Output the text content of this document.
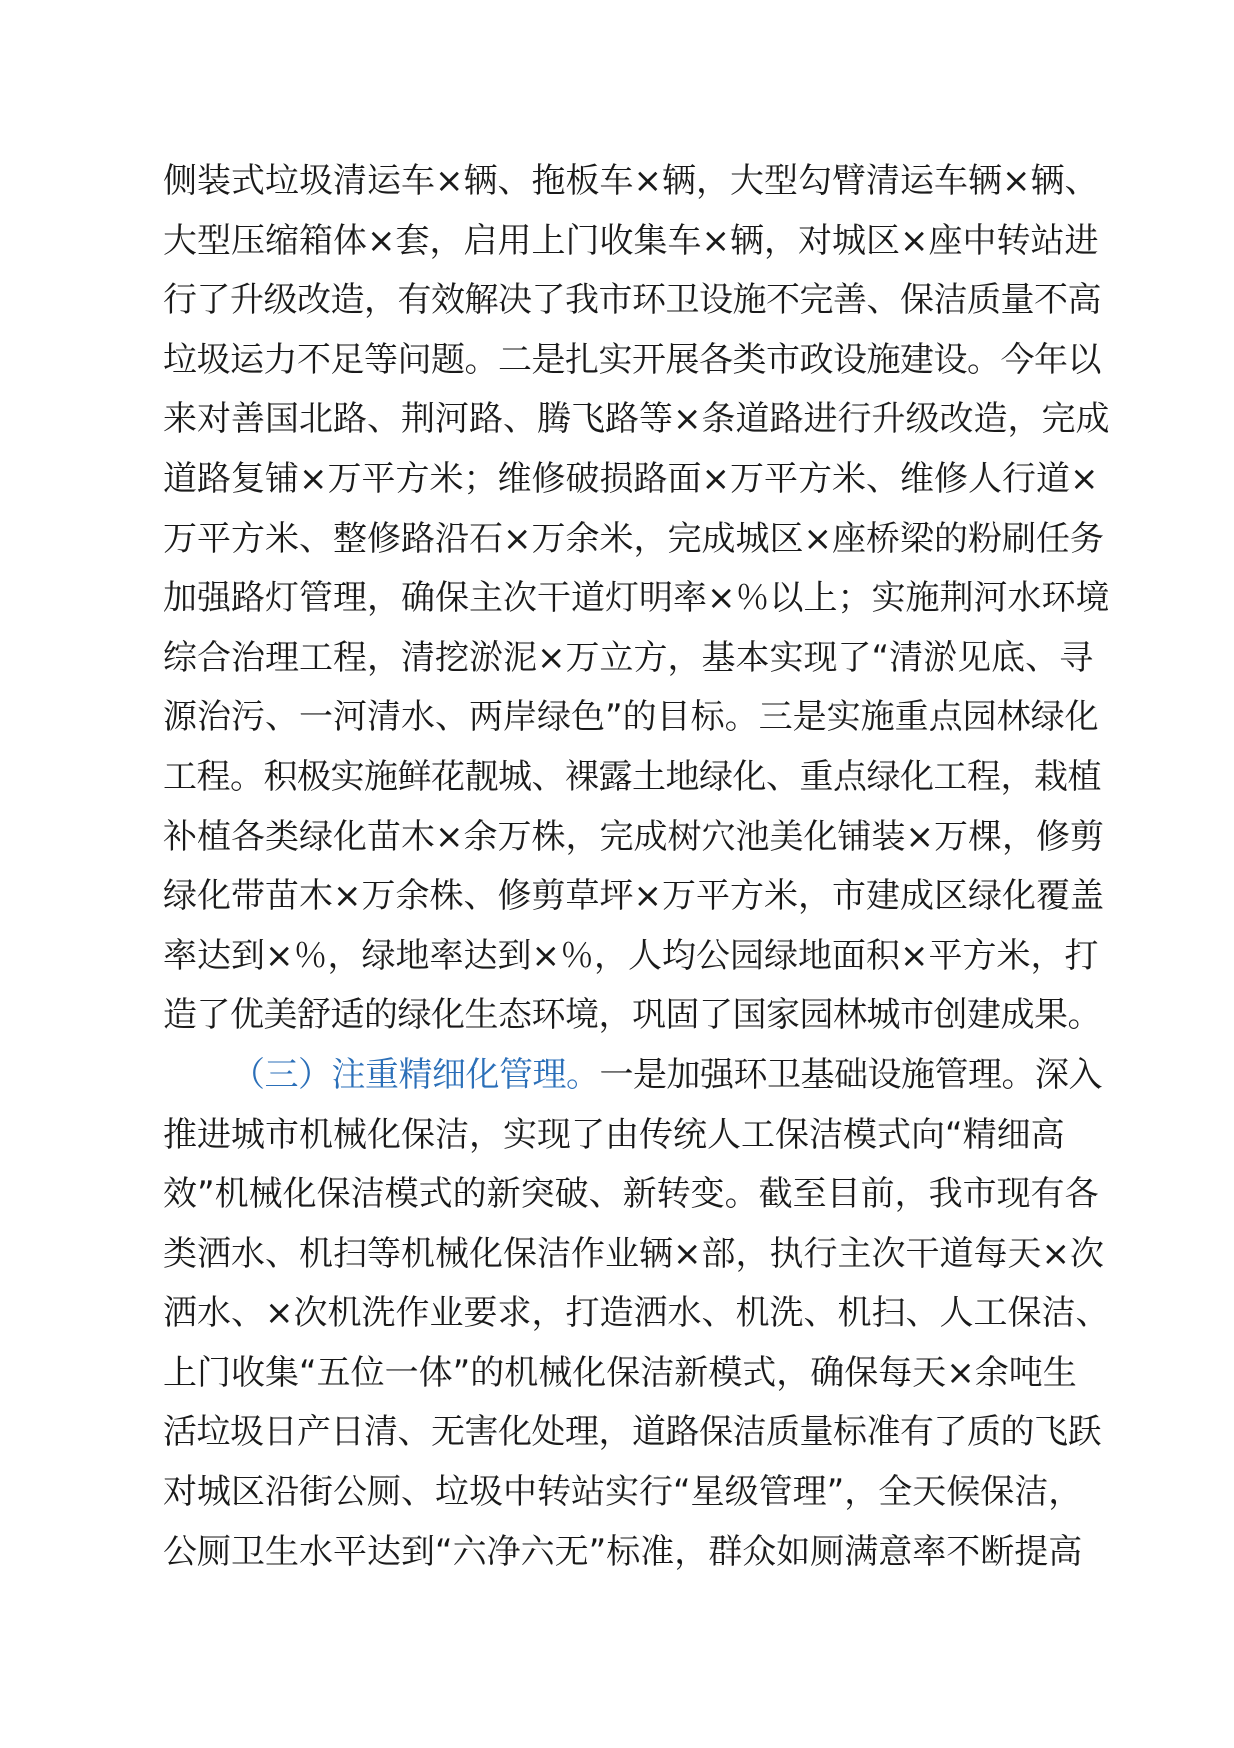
侧装式垃圾清运车×辆、拖板车×辆，大型勾臂清运车辆×辆、
大型压缩箱体×套，启用上门收集车×辆，对城区×座中转站进
行了升级改造，有效解决了我市环卫设施不完善、保洁质量不高
垃圾运力不足等问题。二是扎实开展各类市政设施建设。今年以
来对善国北路、荆河路、腾飞路等×条道路进行升级改造，完成
道路复铺×万平方米；维修破损路面×万平方米、维修人行道×
万平方米、整修路沿石×万余米，完成城区×座桥梁的粉刷任务
加强路灯管理，确保主次干道灯明率×％以上；实施荆河水环境
综合治理工程，清挖淤泥×万立方，基本实现了“清淤见底、寻
源治污、一河清水、两岸绿色”的目标。三是实施重点园林绿化
工程。积极实施鲜花靓城、裸露土地绿化、重点绿化工程，栽植
补植各类绿化苗木×余万株，完成树穴池美化铺装×万棵，修剪
绿化带苗木×万余株、修剪草坪×万平方米，市建成区绿化覆盖
率达到×％，绿地率达到×％，人均公园绿地面积×平方米，打
造了优美舒适的绿化生态环境，巩固了国家园林城市创建成果。
（三）注重精细化管理。一是加强环卫基础设施管理。深入
推进城市机械化保洁，实现了由传统人工保洁模式向“精细高
效”机械化保洁模式的新突破、新转变。截至目前，我市现有各
类洒水、机扫等机械化保洁作业辆×部，执行主次干道每天×次
洒水、×次机洗作业要求，打造洒水、机洗、机扫、人工保洁、
上门收集“五位一体”的机械化保洁新模式，确保每天×余吨生
活垃圾日产日清、无害化处理，道路保洁质量标准有了质的飞跃
对城区沿街公厕、垃圾中转站实行“星级管理”，全天候保洁，
公厕卫生水平达到“六净六无”标准，群众如厕满意率不断提高
